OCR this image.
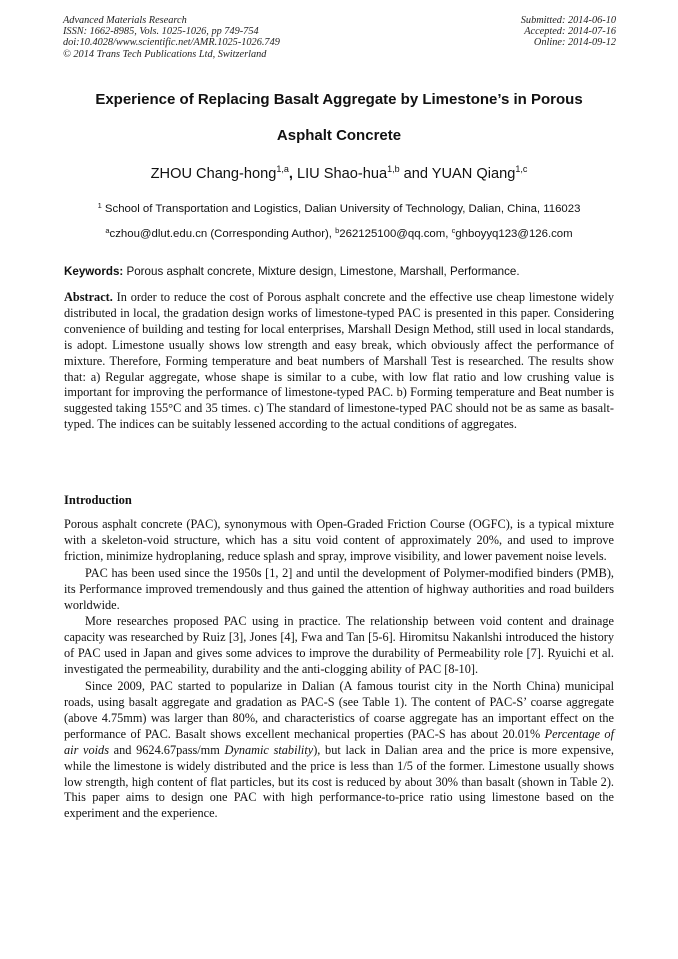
Advanced Materials Research
ISSN: 1662-8985, Vols. 1025-1026, pp 749-754
doi:10.4028/www.scientific.net/AMR.1025-1026.749
© 2014 Trans Tech Publications Ltd, Switzerland
Submitted: 2014-06-10
Accepted: 2014-07-16
Online: 2014-09-12
Experience of Replacing Basalt Aggregate by Limestone’s in Porous
Asphalt Concrete
ZHOU Chang-hong$^{1,a}$, LIU Shao-hua$^{1,b}$ and YUAN Qiang$^{1,c}$
$^1$ School of Transportation and Logistics, Dalian University of Technology, Dalian, China, 116023
$^a$czhou@dlut.edu.cn (Corresponding Author), $^b$262125100@qq.com, $^c$ghboyyq123@126.com
Keywords: Porous asphalt concrete, Mixture design, Limestone, Marshall, Performance.

Abstract. In order to reduce the cost of Porous asphalt concrete and the effective use cheap limestone widely distributed in local, the gradation design works of limestone-typed PAC is presented in this paper. Considering convenience of building and testing for local enterprises, Marshall Design Method, still used in local standards, is adopt. Limestone usually shows low strength and easy break, which obviously affect the performance of mixture. Therefore, Forming temperature and beat numbers of Marshall Test is researched. The results show that: a) Regular aggregate, whose shape is similar to a cube, with low flat ratio and low crushing value is important for improving the performance of limestone-typed PAC. b) Forming temperature and Beat number is suggested taking 155°C and 35 times. c) The standard of limestone-typed PAC should not be as same as basalt-typed. The indices can be suitably lessened according to the actual conditions of aggregates.

Introduction

Porous asphalt concrete (PAC), synonymous with Open-Graded Friction Course (OGFC), is a typical mixture with a skeleton-void structure, which has a situ void content of approximately 20%, and used to improve friction, minimize hydroplaning, reduce splash and spray, improve visibility, and lower pavement noise levels.

PAC has been used since the 1950s [1, 2] and until the development of Polymer-modified binders (PMB), its Performance improved tremendously and thus gained the attention of highway authorities and road builders worldwide.

More researches proposed PAC using in practice. The relationship between void content and drainage capacity was researched by Ruiz [3], Jones [4], Fwa and Tan [5-6]. Hiromitsu Nakanlshi introduced the history of PAC used in Japan and gives some advices to improve the durability of Permeability role [7]. Ryuichi et al. investigated the permeability, durability and the anti-clogging ability of PAC [8-10].

Since 2009, PAC started to popularize in Dalian (A famous tourist city in the North China) municipal roads, using basalt aggregate and gradation as PAC-S (see Table 1). The content of PAC-S’ coarse aggregate (above 4.75mm) was larger than 80%, and characteristics of coarse aggregate has an important effect on the performance of PAC. Basalt shows excellent mechanical properties (PAC-S has about 20.01% Percentage of air voids and 9624.67pass/mm Dynamic stability), but lack in Dalian area and the price is more expensive, while the limestone is widely distributed and the price is less than 1/5 of the former. Limestone usually shows low strength, high content of flat particles, but its cost is reduced by about 30% than basalt (shown in Table 2). This paper aims to design one PAC with high performance-to-price ratio using limestone based on the experiment and the experience.
